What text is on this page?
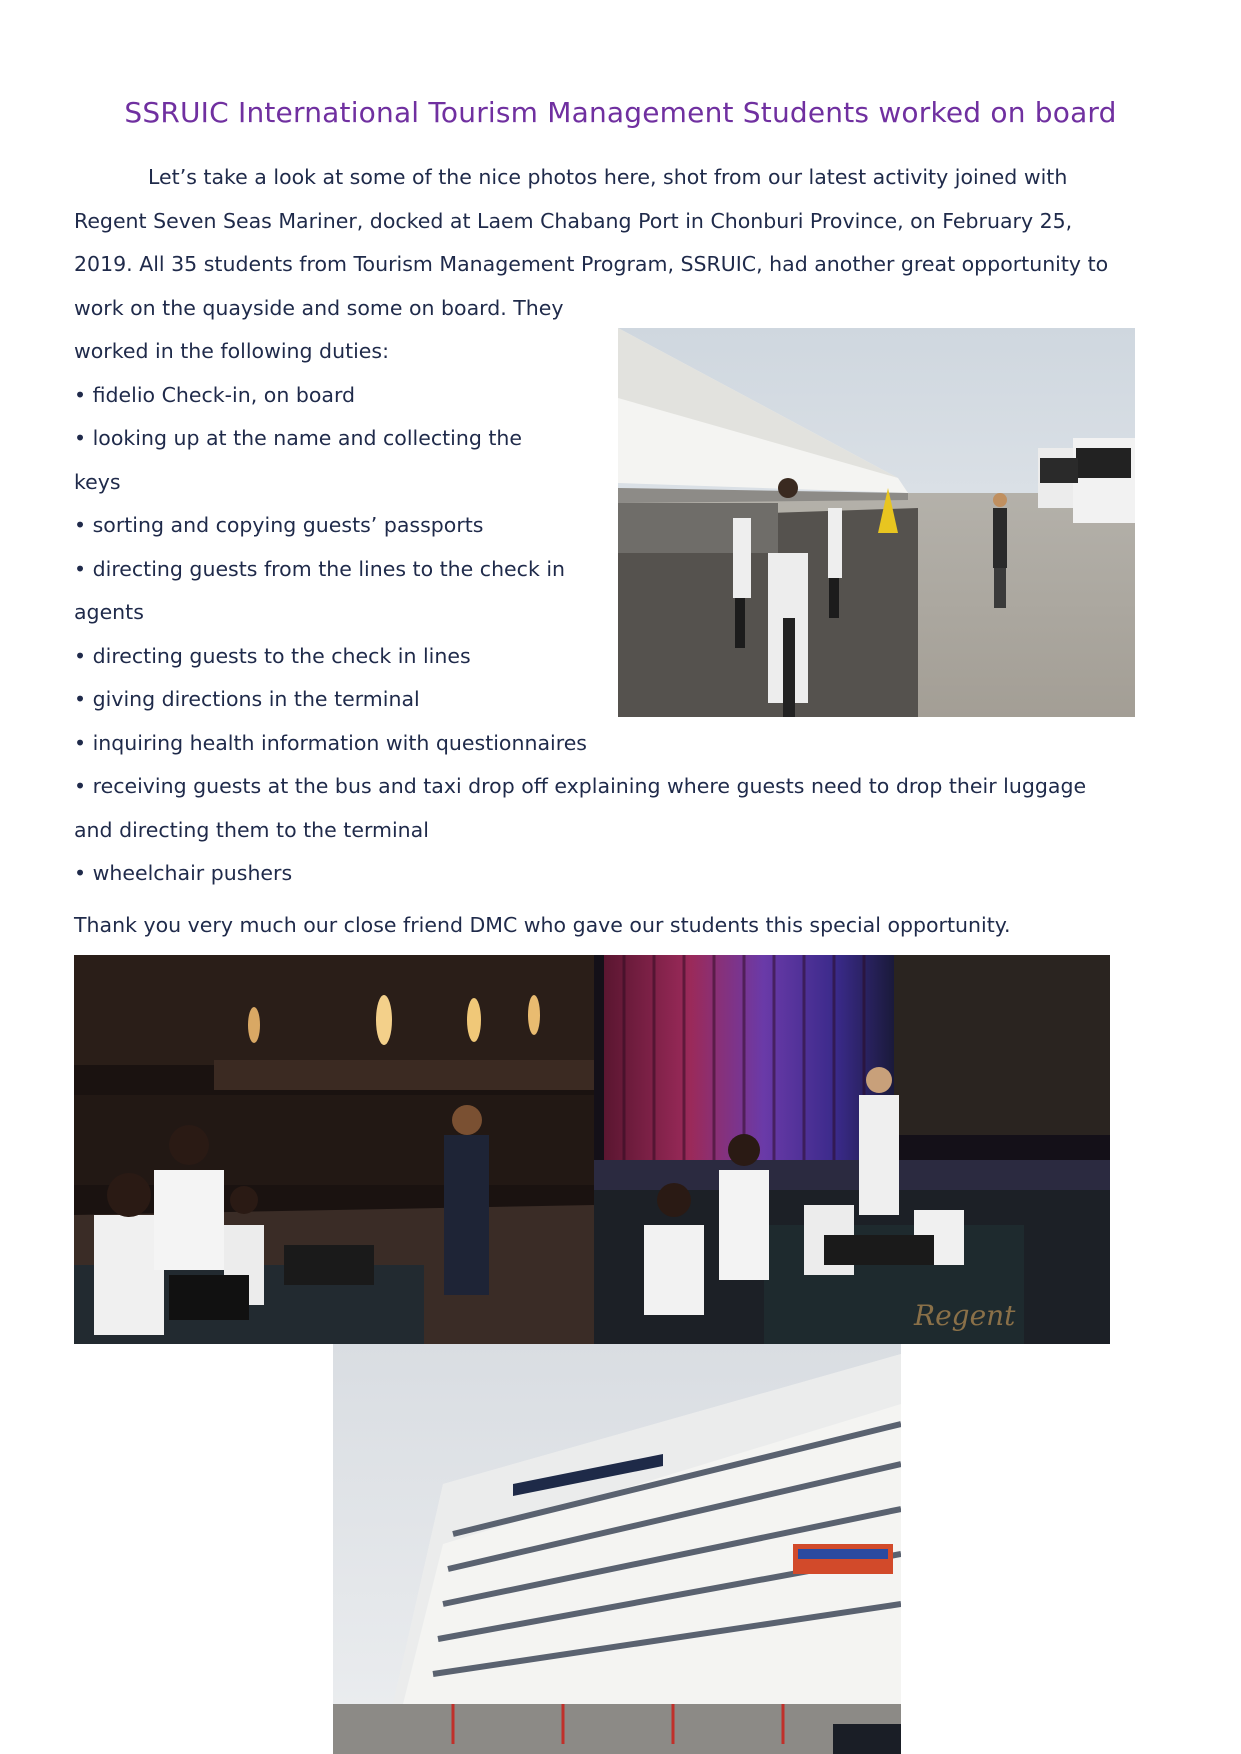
SSRUIC International Tourism Management Students worked on board
Let’s take a look at some of the nice photos here, shot from our latest activity joined with
Regent Seven Seas Mariner, docked at Laem Chabang Port in Chonburi Province, on February 25,
2019. All 35 students from Tourism Management Program, SSRUIC, had another great opportunity to
work on the quayside and some on board. They
worked in the following duties:
• fidelio Check-in, on board
• looking up at the name and collecting the
keys
• sorting and copying guests’ passports
• directing guests from the lines to the check in
agents
• directing guests to the check in lines
• giving directions in the terminal
• inquiring health information with questionnaires
• receiving guests at the bus and taxi drop off explaining where guests need to drop their luggage
and directing them to the terminal
• wheelchair pushers
Thank you very much our close friend DMC who gave our students this special opportunity.
Regent
